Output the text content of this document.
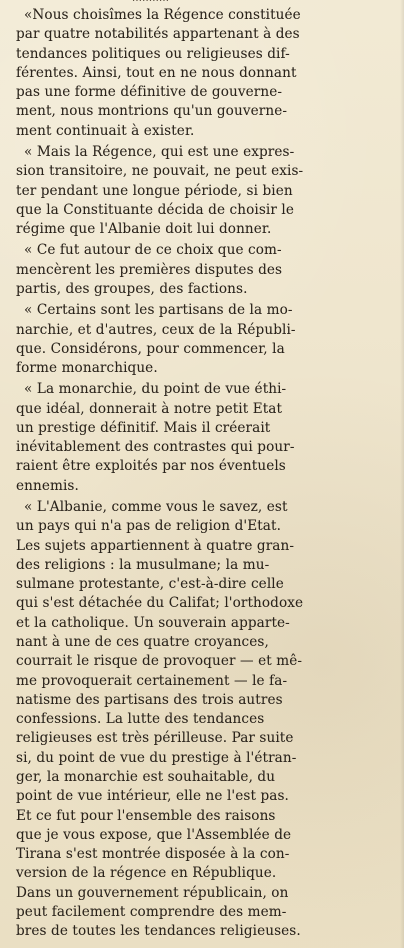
«Nous choisîmes la Régence constituée
par quatre notabilités appartenant à des
tendances politiques ou religieuses dif-
férentes. Ainsi, tout en ne nous donnant
pas une forme définitive de gouverne-
ment, nous montrions qu'un gouverne-
ment continuait à exister.
« Mais la Régence, qui est une expres-
sion transitoire, ne pouvait, ne peut exis-
ter pendant une longue période, si bien
que la Constituante décida de choisir le
régime que l'Albanie doit lui donner.
« Ce fut autour de ce choix que com-
mencèrent les premières disputes des
partis, des groupes, des factions.
« Certains sont les partisans de la mo-
narchie, et d'autres, ceux de la Républi-
que. Considérons, pour commencer, la
forme monarchique.
« La monarchie, du point de vue éthi-
que idéal, donnerait à notre petit Etat
un prestige définitif. Mais il créerait
inévitablement des contrastes qui pour-
raient être exploités par nos éventuels
ennemis.
« L'Albanie, comme vous le savez, est
un pays qui n'a pas de religion d'Etat.
Les sujets appartiennent à quatre gran-
des religions : la musulmane; la mu-
sulmane protestante, c'est-à-dire celle
qui s'est détachée du Califat; l'orthodoxe
et la catholique. Un souverain apparte-
nant à une de ces quatre croyances,
courrait le risque de provoquer — et mê-
me provoquerait certainement — le fa-
natisme des partisans des trois autres
confessions. La lutte des tendances
religieuses est très périlleuse. Par suite
si, du point de vue du prestige à l'étran-
ger, la monarchie est souhaitable, du
point de vue intérieur, elle ne l'est pas.
Et ce fut pour l'ensemble des raisons
que je vous expose, que l'Assemblée de
Tirana s'est montrée disposée à la con-
version de la régence en République.
Dans un gouvernement républicain, on
peut facilement comprendre des mem-
bres de toutes les tendances religieuses.
